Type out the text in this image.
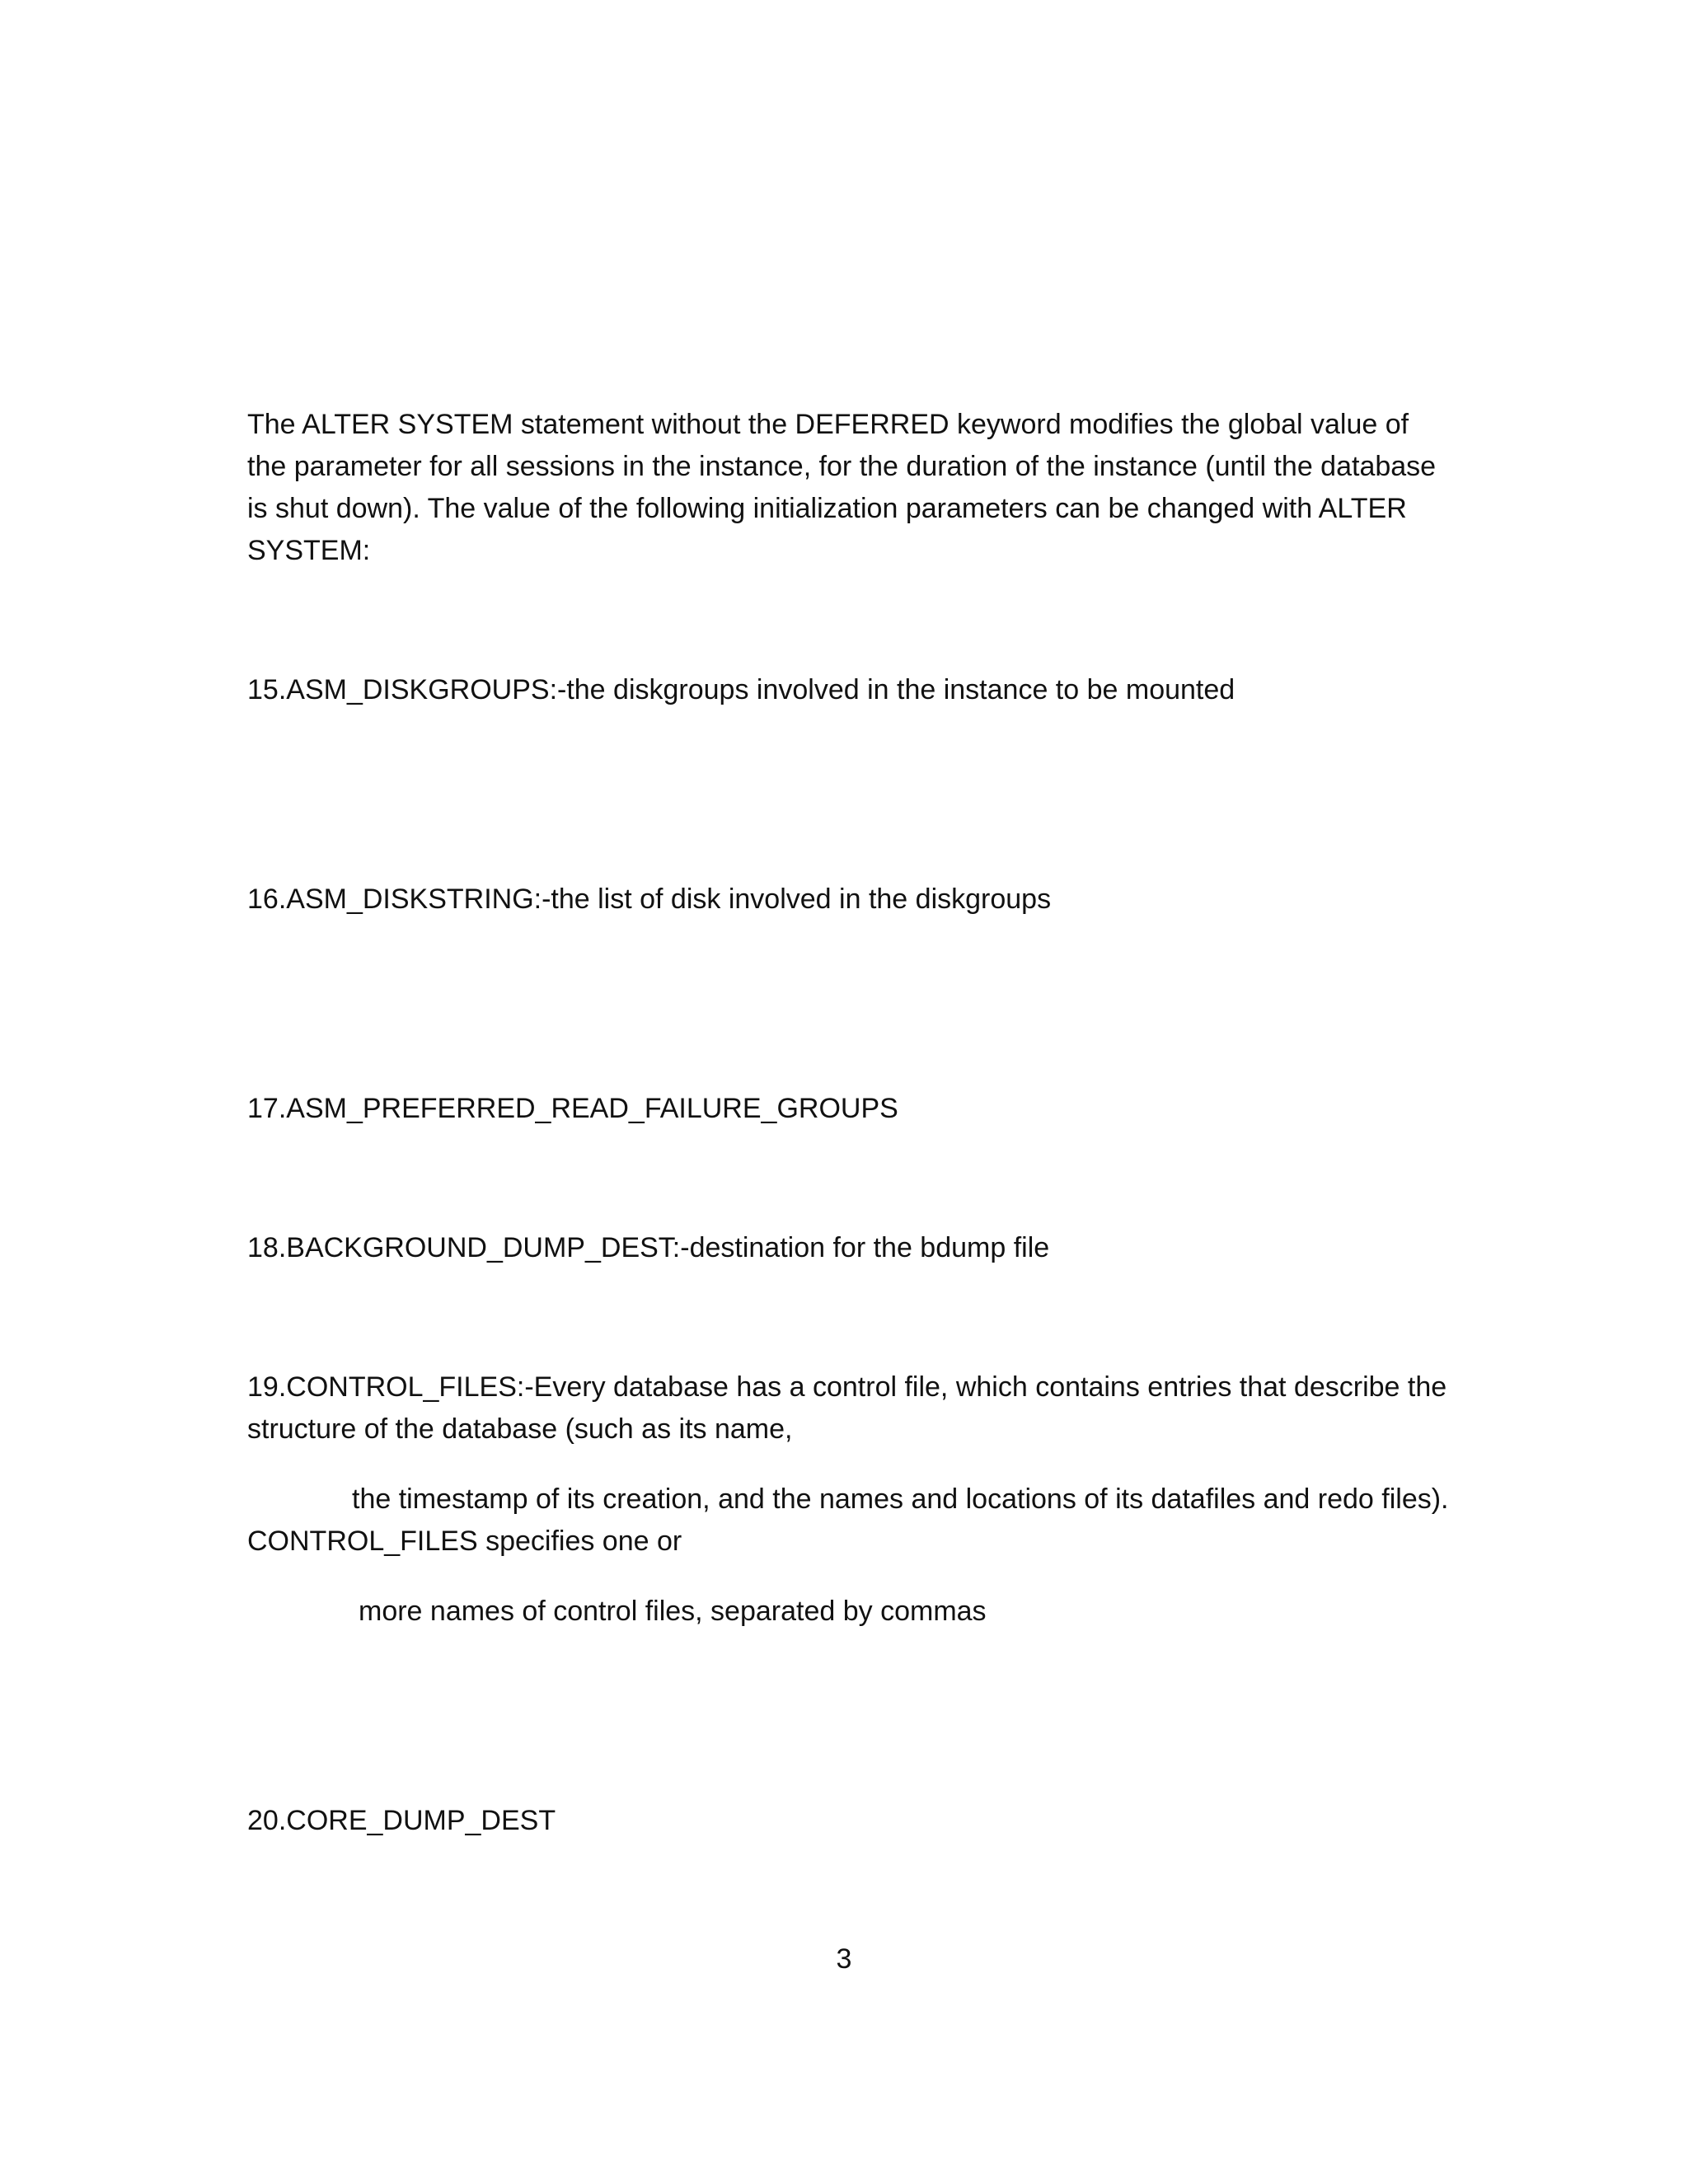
The ALTER SYSTEM statement without the DEFERRED keyword modifies the global value of the parameter for all sessions in the instance, for the duration of the instance (until the database is shut down). The value of the following initialization parameters can be changed with ALTER SYSTEM:

15.ASM_DISKGROUPS:-the diskgroups involved in the instance to be mounted

16.ASM_DISKSTRING:-the list of disk involved in the diskgroups

17.ASM_PREFERRED_READ_FAILURE_GROUPS

18.BACKGROUND_DUMP_DEST:-destination for the bdump file

19.CONTROL_FILES:-Every database has a control file, which contains entries that describe the structure of the database (such as its name,

the timestamp of its creation, and the names and locations of its datafiles and redo files). CONTROL_FILES specifies one or

more names of control files, separated by commas

20.CORE_DUMP_DEST

3
